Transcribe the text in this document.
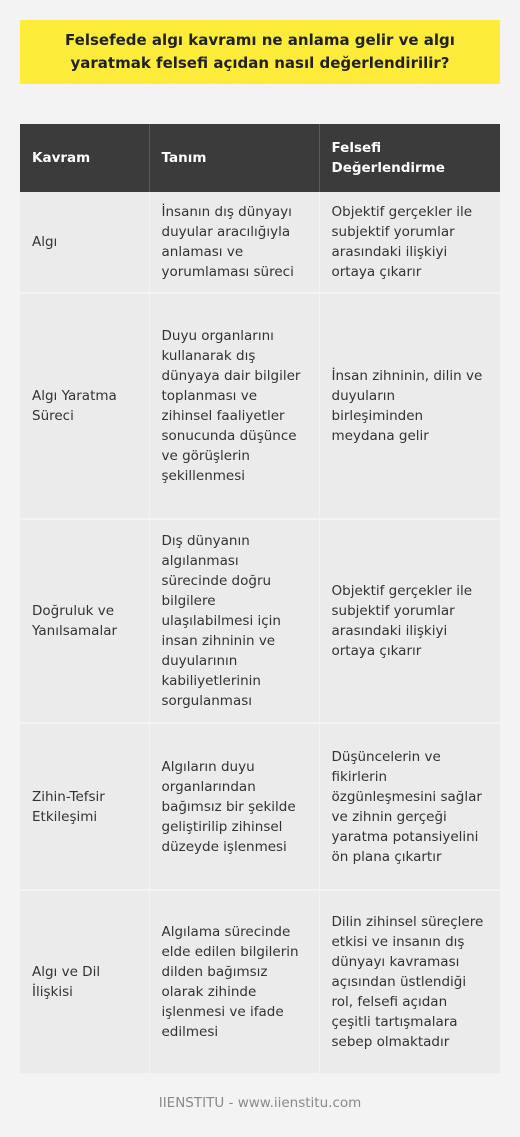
Felsefede algı kavramı ne anlama gelir ve algı yaratmak felsefi açıdan nasıl değerlendirilir?

Kavram	Tanım	Felsefi Değerlendirme
Algı	İnsanın dış dünyayı duyular aracılığıyla anlaması ve yorumlaması süreci	Objektif gerçekler ile subjektif yorumlar arasındaki ilişkiyi ortaya çıkarır
Algı Yaratma Süreci	Duyu organlarını kullanarak dış dünyaya dair bilgiler toplanması ve zihinsel faaliyetler sonucunda düşünce ve görüşlerin şekillenmesi	İnsan zihninin, dilin ve duyuların birleşiminden meydana gelir
Doğruluk ve Yanılsamalar	Dış dünyanın algılanması sürecinde doğru bilgilere ulaşılabilmesi için insan zihninin ve duyularının kabiliyetlerinin sorgulanması	Objektif gerçekler ile subjektif yorumlar arasındaki ilişkiyi ortaya çıkarır
Zihin-Tefsir Etkileşimi	Algıların duyu organlarından bağımsız bir şekilde geliştirilip zihinsel düzeyde işlenmesi	Düşüncelerin ve fikirlerin özgünleşmesini sağlar ve zihnin gerçeği yaratma potansiyelini ön plana çıkartır
Algı ve Dil İlişkisi	Algılama sürecinde elde edilen bilgilerin dilden bağımsız olarak zihinde işlenmesi ve ifade edilmesi	Dilin zihinsel süreçlere etkisi ve insanın dış dünyayı kavraması açısından üstlendiği rol, felsefi açıdan çeşitli tartışmalara sebep olmaktadır
IIENSTITU - www.iienstitu.com
